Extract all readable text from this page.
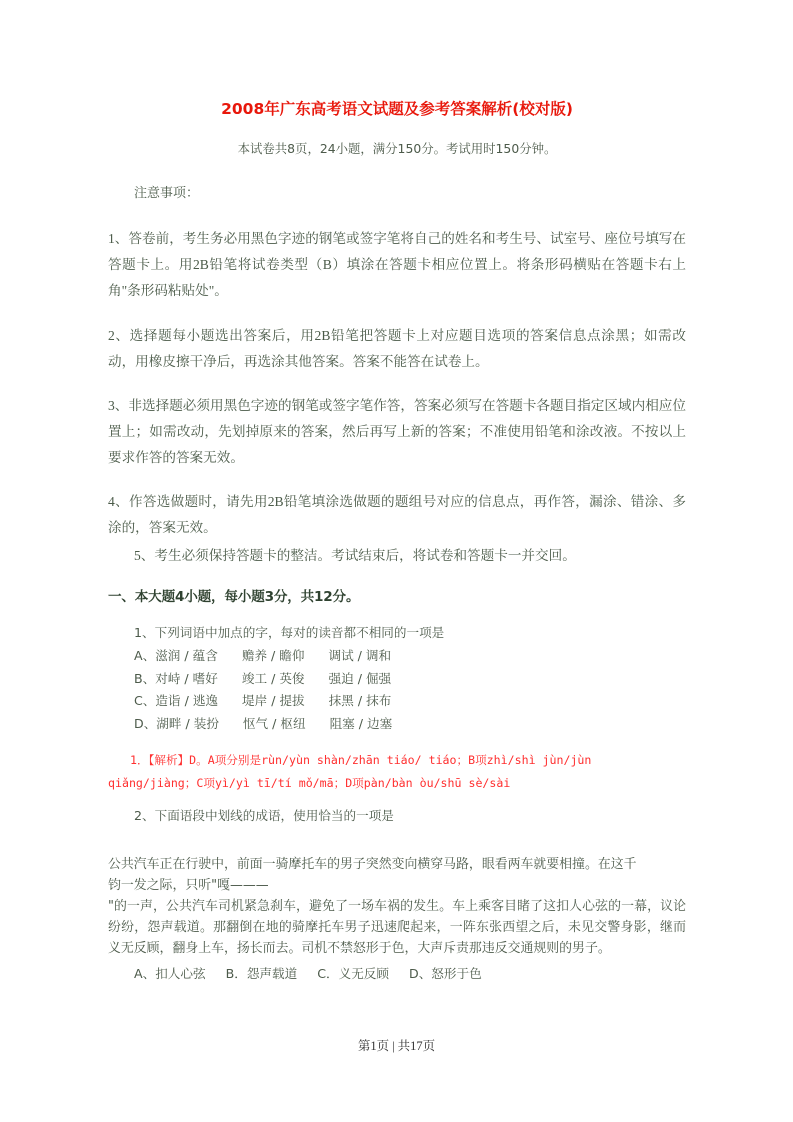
2008年广东高考语文试题及参考答案解析(校对版)
本试卷共8页，24小题，满分150分。考试用时150分钟。
注意事项：

1、答卷前，考生务必用黑色字迹的钢笔或签字笔将自己的姓名和考生号、试室号、座位号填写在答题卡上。用2B铅笔将试卷类型（B）填涂在答题卡相应位置上。将条形码横贴在答题卡右上角"条形码粘贴处"。

2、选择题每小题选出答案后，用2B铅笔把答题卡上对应题目选项的答案信息点涂黑；如需改动，用橡皮擦干净后，再选涂其他答案。答案不能答在试卷上。

3、非选择题必须用黑色字迹的钢笔或签字笔作答，答案必须写在答题卡各题目指定区域内相应位置上；如需改动，先划掉原来的答案，然后再写上新的答案；不准使用铅笔和涂改液。不按以上要求作答的答案无效。

4、作答选做题时，请先用2B铅笔填涂选做题的题组号对应的信息点，再作答，漏涂、错涂、多涂的，答案无效。

5、考生必须保持答题卡的整洁。考试结束后，将试卷和答题卡一并交回。

一、本大题4小题，每小题3分，共12分。
1、下列词语中加点的字，每对的读音都不相同的一项是
A、滋润 / 蕴含      赡养 / 瞻仰      调试 / 调和
B、对峙 / 嗜好      竣工 / 英俊      强迫 / 倔强
C、造诣 / 逃逸      堤岸 / 提拔      抹黑 / 抹布
D、湖畔 / 装扮      怄气 / 枢纽      阻塞 / 边塞
1．【解析】D。A项分别是rùn/yùn shàn/zhān tiáo/ tiáo；B项zhì/shì jùn/jùn
qiǎng/jiàng；C项yì/yì tī/tí mǒ/mā；D项pàn/bàn òu/shū sè/sài
2、下面语段中划线的成语，使用恰当的一项是

公共汽车正在行驶中，前面一骑摩托车的男子突然变向横穿马路，眼看两车就要相撞。在这千

钧一发之际，只听"嘎———

"的一声，公共汽车司机紧急刹车，避免了一场车祸的发生。车上乘客目睹了这扣人心弦的一幕，议论纷纷，怨声载道。那翻倒在地的骑摩托车男子迅速爬起来，一阵东张西望之后，未见交警身影，继而义无反顾，翻身上车，扬长而去。司机不禁怒形于色，大声斥责那违反交通规则的男子。

A、扣人心弦     B．怨声载道     C．义无反顾     D、怒形于色
第1页 | 共17页
